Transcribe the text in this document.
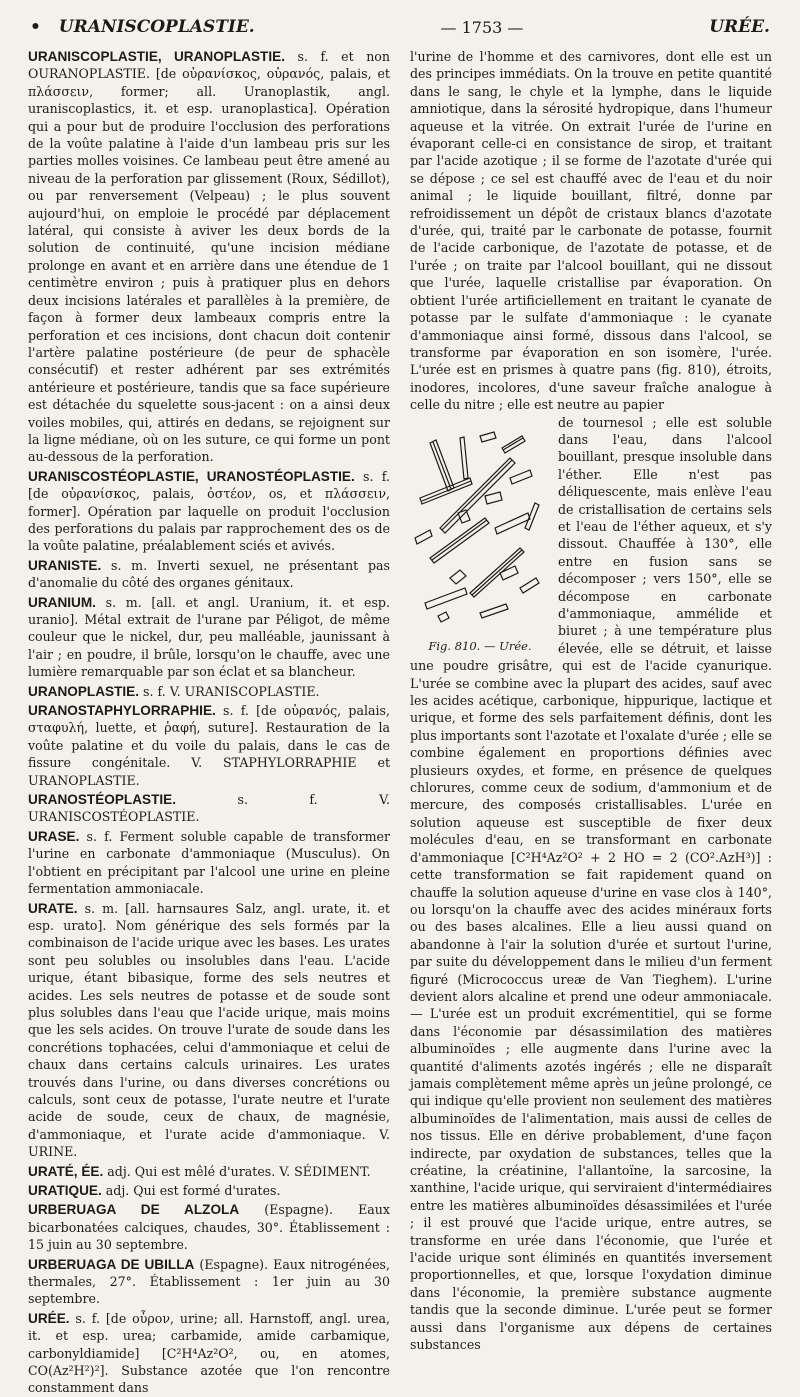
• URANISCOPLASTIE.	— 1753 —	URÉE.

URANISCOPLASTIE, URANOPLASTIE. s. f. et non OURANOPLASTIE. [de οὐρανίσκος, οὐρανός, palais, et πλάσσειν, former; all. Uranoplastik, angl. uraniscoplastics, it. et esp. uranoplastica]. Opération qui a pour but de produire l'occlusion des perforations de la voûte palatine à l'aide d'un lambeau pris sur les parties molles voisines. Ce lambeau peut être amené au niveau de la perforation par glissement (Roux, Sédillot), ou par renversement (Velpeau) ; le plus souvent aujourd'hui, on emploie le procédé par déplacement latéral, qui consiste à aviver les deux bords de la solution de continuité, qu'une incision médiane prolonge en avant et en arrière dans une étendue de 1 centimètre environ ; puis à pratiquer plus en dehors deux incisions latérales et parallèles à la première, de façon à former deux lambeaux compris entre la perforation et ces incisions, dont chacun doit contenir l'artère palatine postérieure (de peur de sphacèle consécutif) et rester adhérent par ses extrémités antérieure et postérieure, tandis que sa face supérieure est détachée du squelette sous-jacent : on a ainsi deux voiles mobiles, qui, attirés en dedans, se rejoignent sur la ligne médiane, où on les suture, ce qui forme un pont au-dessous de la perforation.

URANISCOSTÉOPLASTIE, URANOSTÉOPLASTIE. s. f. [de οὐρανίσκος, palais, ὀστέον, os, et πλάσσειν, former]. Opération par laquelle on produit l'occlusion des perforations du palais par rapprochement des os de la voûte palatine, préalablement sciés et avivés.

URANISTE. s. m. Inverti sexuel, ne présentant pas d'anomalie du côté des organes génitaux.

URANIUM. s. m. [all. et angl. Uranium, it. et esp. uranio]. Métal extrait de l'urane par Péligot, de même couleur que le nickel, dur, peu malléable, jaunissant à l'air ; en poudre, il brûle, lorsqu'on le chauffe, avec une lumière remarquable par son éclat et sa blancheur.

URANOPLASTIE. s. f. V. URANISCOPLASTIE.

URANOSTAPHYLORRAPHIE. s. f. [de οὐρανός, palais, σταφυλή, luette, et ῥαφή, suture]. Restauration de la voûte palatine et du voile du palais, dans le cas de fissure congénitale. V. STAPHYLORRAPHIE et URANOPLASTIE.

URANOSTÉOPLASTIE. s. f. V. URANISCOSTÉOPLASTIE.

URASE. s. f. Ferment soluble capable de transformer l'urine en carbonate d'ammoniaque (Musculus). On l'obtient en précipitant par l'alcool une urine en pleine fermentation ammoniacale.

URATE. s. m. [all. harnsaures Salz, angl. urate, it. et esp. urato]. Nom générique des sels formés par la combinaison de l'acide urique avec les bases. Les urates sont peu solubles ou insolubles dans l'eau. L'acide urique, étant bibasique, forme des sels neutres et acides. Les sels neutres de potasse et de soude sont plus solubles dans l'eau que l'acide urique, mais moins que les sels acides. On trouve l'urate de soude dans les concrétions tophacées, celui d'ammoniaque et celui de chaux dans certains calculs urinaires. Les urates trouvés dans l'urine, ou dans diverses concrétions ou calculs, sont ceux de potasse, l'urate neutre et l'urate acide de soude, ceux de chaux, de magnésie, d'ammoniaque, et l'urate acide d'ammoniaque. V. URINE.

URATÉ, ÉE. adj. Qui est mêlé d'urates. V. SÉDIMENT.

URATIQUE. adj. Qui est formé d'urates.

URBERUAGA DE ALZOLA (Espagne). Eaux bicarbonatées calciques, chaudes, 30°. Établissement : 15 juin au 30 septembre.

URBERUAGA DE UBILLA (Espagne). Eaux nitrogénées, thermales, 27°. Établissement : 1er juin au 30 septembre.

URÉE. s. f. [de οὖρον, urine; all. Harnstoff, angl. urea, it. et esp. urea; carbamide, amide carbamique, carbonyldiamide] [C²H⁴Az²O², ou, en atomes, CO(Az²H²)²]. Substance azotée que l'on rencontre constamment dans

l'urine de l'homme et des carnivores, dont elle est un des principes immédiats. On la trouve en petite quantité dans le sang, le chyle et la lymphe, dans le liquide amniotique, dans la sérosité hydropique, dans l'humeur aqueuse et la vitrée. On extrait l'urée de l'urine en évaporant celle-ci en consistance de sirop, et traitant par l'acide azotique ; il se forme de l'azotate d'urée qui se dépose ; ce sel est chauffé avec de l'eau et du noir animal ; le liquide bouillant, filtré, donne par refroidissement un dépôt de cristaux blancs d'azotate d'urée, qui, traité par le carbonate de potasse, fournit de l'acide carbonique, de l'azotate de potasse, et de l'urée ; on traite par l'alcool bouillant, qui ne dissout que l'urée, laquelle cristallise par évaporation. On obtient l'urée artificiellement en traitant le cyanate de potasse par le sulfate d'ammoniaque : le cyanate d'ammoniaque ainsi formé, dissous dans l'alcool, se transforme par évaporation en son isomère, l'urée. L'urée est en prismes à quatre pans (fig. 810), étroits, inodores, incolores, d'une saveur fraîche analogue à celle du nitre ; elle est neutre au papier

Fig. 810. — Urée.

de tournesol ; elle est soluble dans l'eau, dans l'alcool bouillant, presque insoluble dans l'éther. Elle n'est pas déliquescente, mais enlève l'eau de cristallisation de certains sels et l'eau de l'éther aqueux, et s'y dissout. Chauffée à 130°, elle entre en fusion sans se décomposer ; vers 150°, elle se décompose en carbonate d'ammoniaque, ammélide et biuret ; à une température plus élevée, elle se détruit, et laisse une poudre grisâtre, qui est de l'acide cyanurique. L'urée se combine avec la plupart des acides, sauf avec les acides acétique, carbonique, hippurique, lactique et urique, et forme des sels parfaitement définis, dont les plus importants sont l'azotate et l'oxalate d'urée ; elle se combine également en proportions définies avec plusieurs oxydes, et forme, en présence de quelques chlorures, comme ceux de sodium, d'ammonium et de mercure, des composés cristallisables. L'urée en solution aqueuse est susceptible de fixer deux molécules d'eau, en se transformant en carbonate d'ammoniaque [C²H⁴Az²O² + 2 HO = 2 (CO².AzH³)] : cette transformation se fait rapidement quand on chauffe la solution aqueuse d'urine en vase clos à 140°, ou lorsqu'on la chauffe avec des acides minéraux forts ou des bases alcalines. Elle a lieu aussi quand on abandonne à l'air la solution d'urée et surtout l'urine, par suite du développement dans le milieu d'un ferment figuré (Micrococcus ureæ de Van Tieghem). L'urine devient alors alcaline et prend une odeur ammoniacale. — L'urée est un produit excrémentitiel, qui se forme dans l'économie par désassimilation des matières albuminoïdes ; elle augmente dans l'urine avec la quantité d'aliments azotés ingérés ; elle ne disparaît jamais complètement même après un jeûne prolongé, ce qui indique qu'elle provient non seulement des matières albuminoïdes de l'alimentation, mais aussi de celles de nos tissus. Elle en dérive probablement, d'une façon indirecte, par oxydation de substances, telles que la créatine, la créatinine, l'allantoïne, la sarcosine, la xanthine, l'acide urique, qui serviraient d'intermédiaires entre les matières albuminoïdes désassimilées et l'urée ; il est prouvé que l'acide urique, entre autres, se transforme en urée dans l'économie, que l'urée et l'acide urique sont éliminés en quantités inversement proportionnelles, et que, lorsque l'oxydation diminue dans l'économie, la première substance augmente tandis que la seconde diminue. L'urée peut se former aussi dans l'organisme aux dépens de certaines substances
